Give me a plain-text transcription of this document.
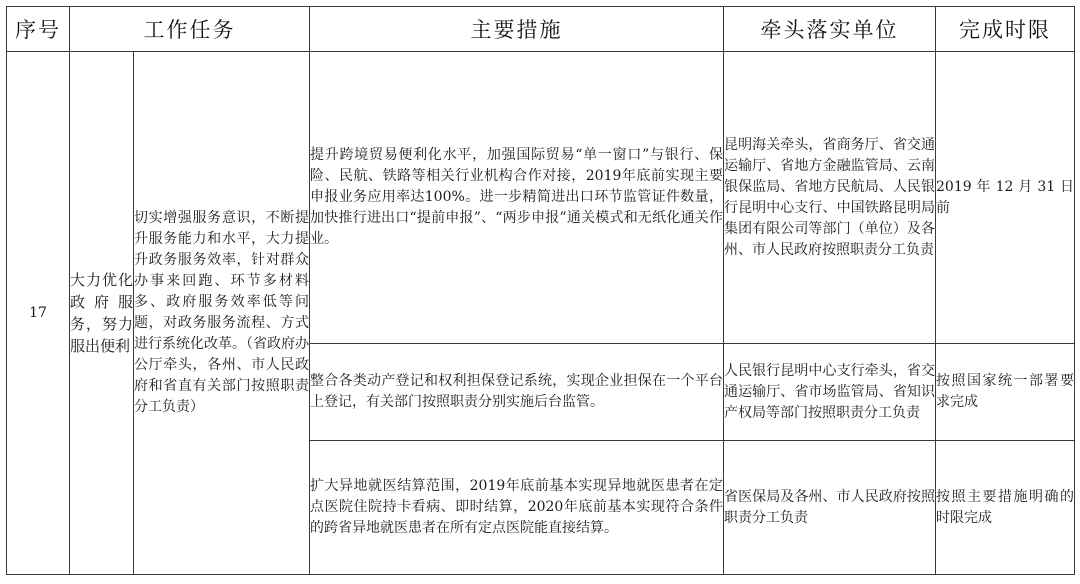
序号	工作任务		主要措施	牵头落实单位	完成时限
17	大力优化政府服务，努力服出便利	切实增强服务意识，不断提升服务能力和水平，大力提升政务服务效率，针对群众办事来回跑、环节多材料多、政府服务效率低等问题，对政务服务流程、方式进行系统化改革。（省政府办公厅牵头，各州、市人民政府和省直有关部门按照职责分工负责）	提升跨境贸易便利化水平，加强国际贸易“单一窗口”与银行、保险、民航、铁路等相关行业机构合作对接，2019年底前实现主要申报业务应用率达100%。进一步精简进出口环节监管证件数量，加快推行进出口“提前申报”、“两步申报”通关模式和无纸化通关作业。	昆明海关牵头，省商务厅、省交通运输厅、省地方金融监管局、云南银保监局、省地方民航局、人民银行昆明中心支行、中国铁路昆明局集团有限公司等部门（单位）及各州、市人民政府按照职责分工负责	2019 年 12 月 31 日前
			整合各类动产登记和权利担保登记系统，实现企业担保在一个平台上登记，有关部门按照职责分别实施后台监管。	人民银行昆明中心支行牵头，省交通运输厅、省市场监管局、省知识产权局等部门按照职责分工负责	按照国家统一部署要求完成
			扩大异地就医结算范围，2019年底前基本实现异地就医患者在定点医院住院持卡看病、即时结算，2020年底前基本实现符合条件的跨省异地就医患者在所有定点医院能直接结算。	省医保局及各州、市人民政府按照职责分工负责	按照主要措施明确的时限完成
